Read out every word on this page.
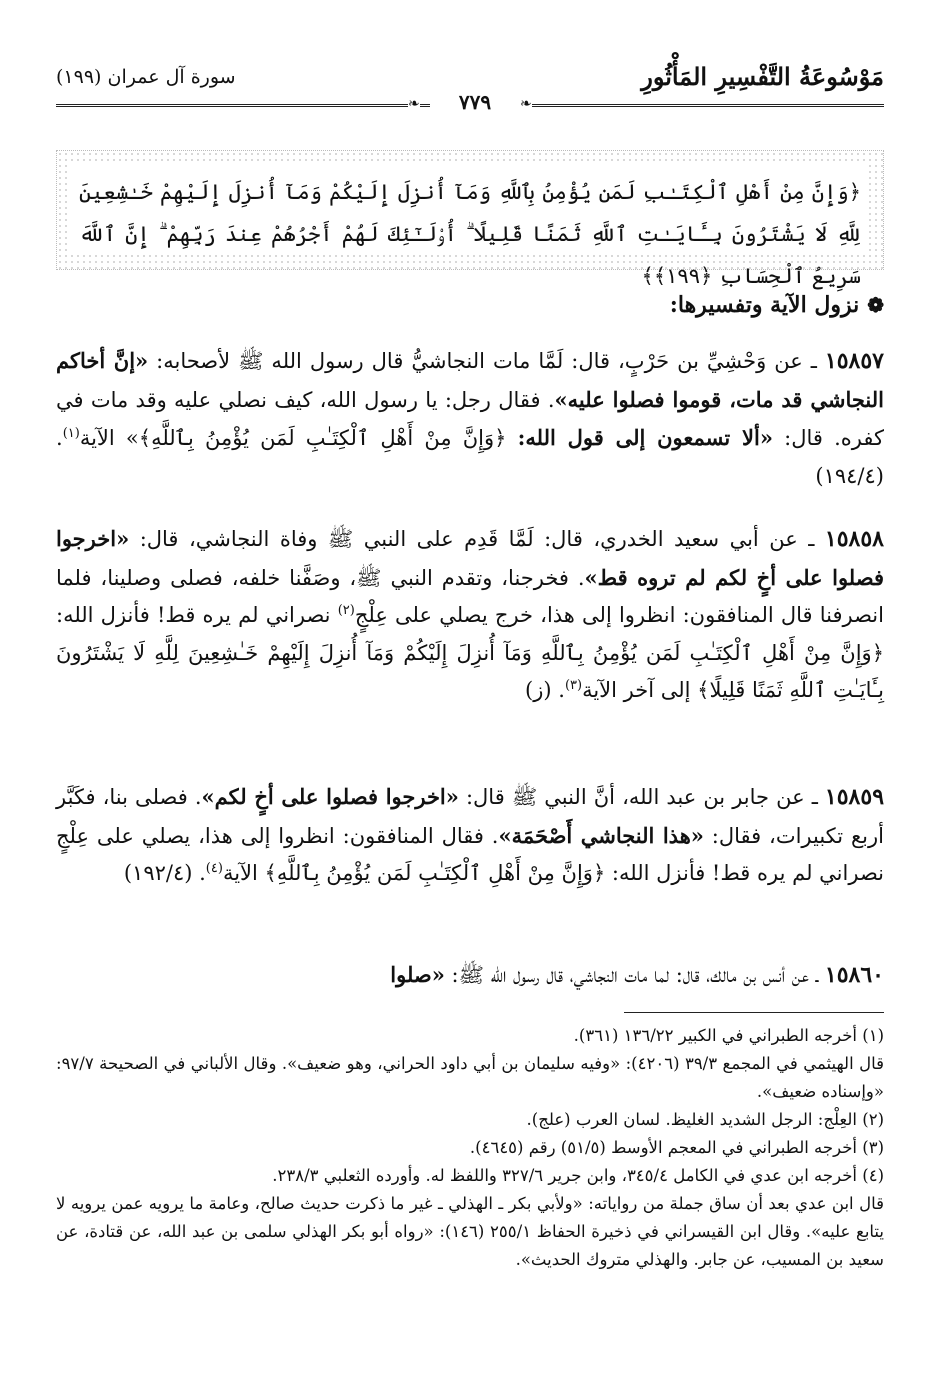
مَوْسُوعَةُ التَّفْسِيرِ المَأْثُورِ
سورة آل عمران (١٩٩)
❧	٧٧٩	❧
﴿وَإِنَّ مِنْ أَهْلِ ٱلْكِتَـٰبِ لَمَن يُؤْمِنُ بِٱللَّهِ وَمَآ أُنزِلَ إِلَيْكُمْ وَمَآ أُنزِلَ إِلَيْهِمْ خَـٰشِعِينَ لِلَّهِ لَا يَشْتَرُونَ بِـَٔايَـٰتِ ٱللَّهِ ثَمَنًا قَلِيلًا ۗ أُو۟لَـٰٓئِكَ لَهُمْ أَجْرُهُمْ عِندَ رَبِّهِمْ ۗ إِنَّ ٱللَّهَ سَرِيعُ ٱلْحِسَابِ ﴿١٩٩﴾﴾
❁نزول الآية وتفسيرها:
١٥٨٥٧ ـ عن وَحْشِيِّ بن حَرْبٍ، قال: لَمَّا مات النجاشيُّ قال رسول الله ﷺ لأصحابه: «إنَّ أخاكم النجاشي قد مات، قوموا فصلوا عليه». فقال رجل: يا رسول الله، كيف نصلي عليه وقد مات في كفره. قال: «ألا تسمعون إلى قول الله: ﴿وَإِنَّ مِنْ أَهْلِ ٱلْكِتَـٰبِ لَمَن يُؤْمِنُ بِٱللَّهِ﴾» الآية$^{(١)}$. (١٩٤/٤)
١٥٨٥٨ ـ عن أبي سعيد الخدري، قال: لَمَّا قَدِم على النبي ﷺ وفاة النجاشي، قال: «اخرجوا فصلوا على أخٍ لكم لم تروه قط». فخرجنا، وتقدم النبي ﷺ، وصَفَّنا خلفه، فصلى وصلينا، فلما انصرفنا قال المنافقون: انظروا إلى هذا، خرج يصلي على عِلْجٍ$^{(٢)}$ نصراني لم يره قط! فأنزل الله: ﴿وَإِنَّ مِنْ أَهْلِ ٱلْكِتَـٰبِ لَمَن يُؤْمِنُ بِٱللَّهِ وَمَآ أُنزِلَ إِلَيْكُمْ وَمَآ أُنزِلَ إِلَيْهِمْ خَـٰشِعِينَ لِلَّهِ لَا يَشْتَرُونَ بِـَٔايَـٰتِ ٱللَّهِ ثَمَنًا قَلِيلًا﴾ إلى آخر الآية$^{(٣)}$. (ز)
١٥٨٥٩ ـ عن جابر بن عبد الله، أنَّ النبي ﷺ قال: «اخرجوا فصلوا على أخٍ لكم». فصلى بنا، فكَبَّر أربع تكبيرات، فقال: «هذا النجاشي أَصْحَمَة». فقال المنافقون: انظروا إلى هذا، يصلي على عِلْجٍ نصراني لم يره قط! فأنزل الله: ﴿وَإِنَّ مِنْ أَهْلِ ٱلْكِتَـٰبِ لَمَن يُؤْمِنُ بِٱللَّهِ﴾ الآية$^{(٤)}$. (١٩٢/٤)
١٥٨٦٠ ـ عن أنس بن مالك، قال: لما مات النجاشي، قال رسول الله ﷺ: «صلوا

(١) أخرجه الطبراني في الكبير ١٣٦/٢٢ (٣٦١).

قال الهيثمي في المجمع ٣٩/٣ (٤٢٠٦): «وفيه سليمان بن أبي داود الحراني، وهو ضعيف». وقال الألباني في الصحيحة ٩٧/٧: «وإسناده ضعيف».

(٢) العِلْج: الرجل الشديد الغليظ. لسان العرب (علج).

(٣) أخرجه الطبراني في المعجم الأوسط (٥١/٥) رقم (٤٦٤٥).

(٤) أخرجه ابن عدي في الكامل ٣٤٥/٤، وابن جرير ٣٢٧/٦ واللفظ له. وأورده الثعلبي ٢٣٨/٣.

قال ابن عدي بعد أن ساق جملة من رواياته: «ولأبي بكر ـ الهذلي ـ غير ما ذكرت حديث صالح، وعامة ما يرويه عمن يرويه لا يتابع عليه». وقال ابن القيسراني في ذخيرة الحفاظ ٢٥٥/١ (١٤٦): «رواه أبو بكر الهذلي سلمى بن عبد الله، عن قتادة، عن سعيد بن المسيب، عن جابر. والهذلي متروك الحديث».
